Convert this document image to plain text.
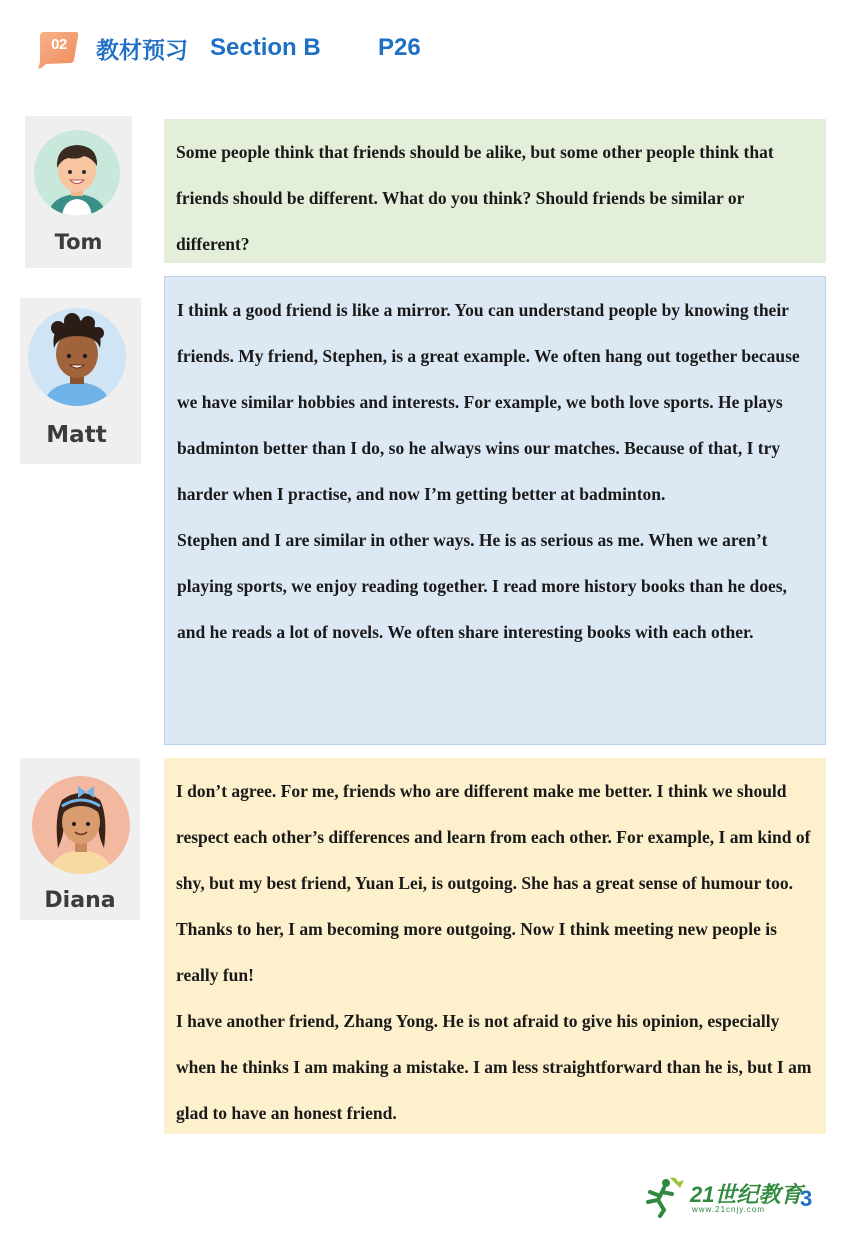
02	教材预习 Section B P26
Tom

Some people think that friends should be alike, but some other people think that friends should be different. What do you think? Should friends be similar or different?

Matt

I think a good friend is like a mirror. You can understand people by knowing their friends. My friend, Stephen, is a great example. We often hang out together because we have similar hobbies and interests. For example, we both love sports. He plays badminton better than I do, so he always wins our matches. Because of that, I try harder when I practise, and now I’m getting better at badminton.

Stephen and I are similar in other ways. He is as serious as me. When we aren’t playing sports, we enjoy reading together. I read more history books than he does, and he reads a lot of novels. We often share interesting books with each other.

Diana

I don’t agree. For me, friends who are different make me better. I think we should respect each other’s differences and learn from each other. For example, I am kind of shy, but my best friend, Yuan Lei, is outgoing. She has a great sense of humour too. Thanks to her, I am becoming more outgoing. Now I think meeting new people is really fun!

I have another friend, Zhang Yong. He is not afraid to give his opinion, especially when he thinks I am making a mistake. I am less straightforward than he is, but I am glad to have an honest friend.

21世纪教育
www.21cnjy.com 3
